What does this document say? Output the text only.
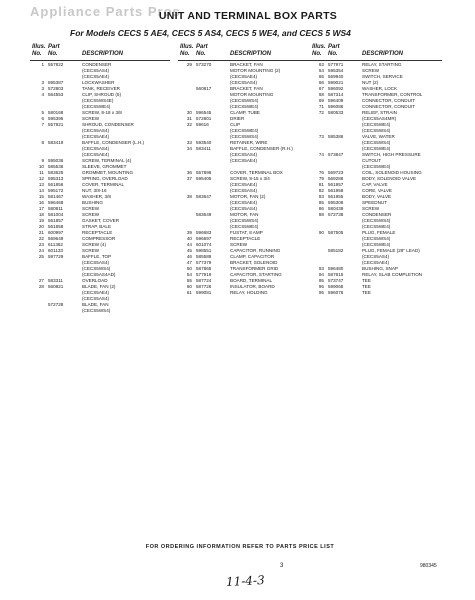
Appliance Parts Pros
UNIT AND TERMINAL BOX PARTS
For Models CECS 5 AE4, CECS 5 AS4, CECS 5 WE4, and CECS 5 WS4
Illus. Part
No. No.	DESCRIPTION
1 557822	CONDENSER
(CECS5AS4)
(CECS5AE4)
3 595387	LOCKWASHER
3 572803	TANK, RECEIVER
4 564553	CLIP, SHROUD (5)
(CECS5WS4E)
(CECS5WE4)
5 580168	SCREW, 8-18 x 3/8
6 595395	SCREW
7 557821	SHROUD, CONDENSER
(CECS5AS4)
(CECS5AE4)
8 583419	BAFFLE, CONDENSER (L.H.)
(CECS5AS4)
(CECS5AE4)
9 595036	SCREW, TERMINAL (4)
10 585536	SLEEVE, GROMMET
11 583625	GROMMET, MOUNTING
12 595313	SPRING, OVERLOAD
13 561856	COVER, TERMINAL
14 595172	NUT, 3/8-16
15 581467	WASHER, 3/8
16 596468	BUSHING
17 580811	SCREW
18 581004	SCREW
19 561857	GASKET, COVER
20 561858	STRAP, BALE
21 600997	RECEPTACLE
22 569649	COMPRESSOR
23 611362	SCREW (4)
24 601133	SCREW
25 597729	BAFFLE, TOP
(CECS5AS4)
(CECS5WS4)
(CECS5AS4AD)
27 583311	OVERLOAD
28 560821	BLADE, FAN (2)
(CECS5AE4)
(CECS5AS4)
572728	BLADE, FAN
(CECS5WS4)
Illus. Part
No. No.	DESCRIPTION
29 573270	BRACKET, FAN
MOTOR MOUNTING (2)
(CECS5AE4)
(CECS5AS4)
560817	BRACKET, FAN
MOTOR MOUNTING
(CECS5WS4)
(CECS5WE4)
30 596545	CLAMP, TUBE
31 572801	DRIER
32 59616	CLIP
(CECS5WE4)
(CECS5WS4)
33 593540	RETAINER, WIRE
34 583411	BAFFLE, CONDENSER (R.H.)
(CECS5AS4)
(CECS5AE4)
36 557896	COVER, TERMINAL BOX
37 595405	SCREW, 8-15 x 3/4
(CECS5AE4)
(CECS5AS4)
38 583647	MOTOR, FAN (2)
(CECS5AE4)
(CECS5AS4)
583649	MOTOR, FAN
(CECS5WS4)
(CECS5WE4)
39 596683	FUSTAT, 8 AMP
40 596697	RECEPTACLE
44 601074	SCREW
45 598551	CAPACITOR, RUNNING
46 585589	CLAMP, CAPACITOR
47 577379	BRACKET, SOLENOID
50 587865	TRANSFORMER GRID
54 577919	CAPACITOR, STARTING
55 587724	BOARD, TERMINAL
60 587726	INSULATOR, BOARD
61 599081	RELAY, HOLDING
Illus. Part
No. No.	DESCRIPTION
63 577971	RELAY, STARTING
64 595354	SCREW
65 569940	SWITCH, SERVICE
66 599021	NUT (2)
67 596092	WASHER, LOCK
68 587314	TRANSFORMER, CONTROL
69 596409	CONNECTOR, CONDUIT
71 596086	CONNECTOR, CONDUIT
72 580533	RELIEF, STRAIN
(CECS5AS4MR)
(CECS5WE4)
(CECS5WS4)
73 585386	VALVE, WATER
(CECS5WS4)
(CECS5WE4)
74 573847	SWITCH, HIGH PRESSURE
CUTOUT
(CECS5WE4)
76 569723	COIL, SOLENOID HOUSING
79 569288	BODY, SOLENOID VALVE
81 561957	CAP, VALVE
82 561958	CORE, VALVE
83 561955	BODY, VALVE
85 595308	SPEEDNUT
86 580439	SCREW
88 572738	CONDENSER
(CECS5WS4)
(CECS5WE4)
90 587505	PLUG, FEMALE
(CECS5WS4)
(CECS5WE4)
585182	PLUG, FEMALE (29" LEAD)
(CECS5AS4)
(CECS5AE4)
93 596480	BUSHING, SNAP
94 587615	RELAY, SLAB COMPLETION
95 573747	TEE
95 599068	TEE
95 596076	TEE
FOR ORDERING INFORMATION REFER TO PARTS PRICE LIST
3	980345
11-4-3
